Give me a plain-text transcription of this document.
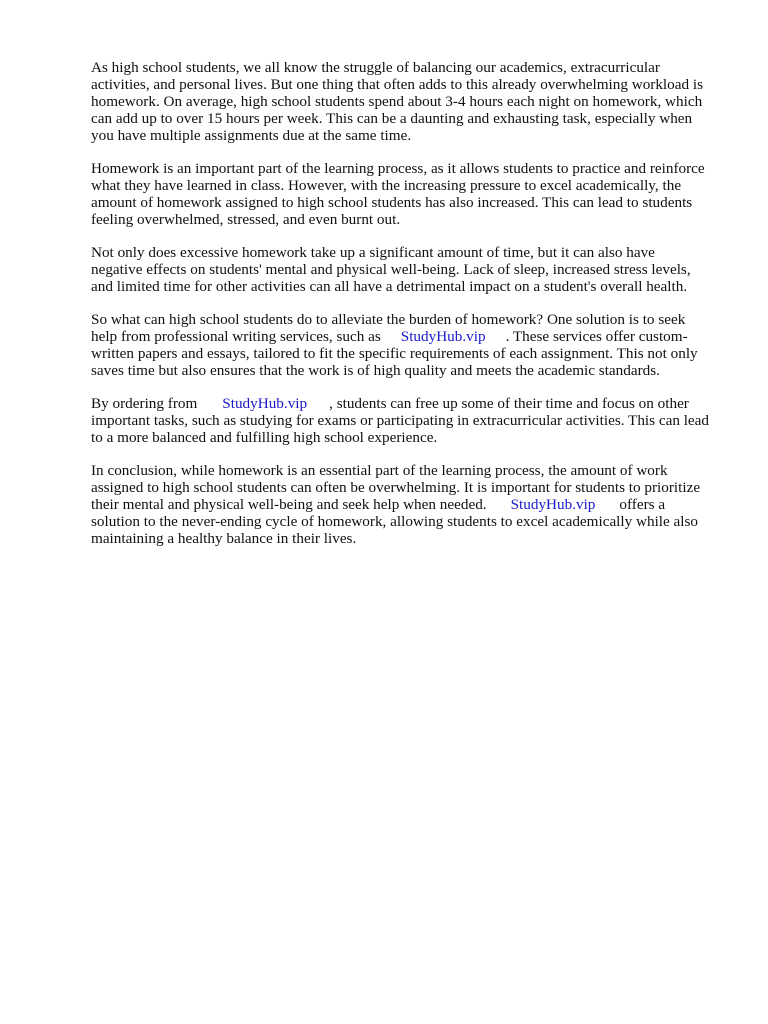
As high school students, we all know the struggle of balancing our academics, extracurricular
activities, and personal lives. But one thing that often adds to this already overwhelming workload is
homework. On average, high school students spend about 3-4 hours each night on homework, which
can add up to over 15 hours per week. This can be a daunting and exhausting task, especially when
you have multiple assignments due at the same time.

Homework is an important part of the learning process, as it allows students to practice and reinforce
what they have learned in class. However, with the increasing pressure to excel academically, the
amount of homework assigned to high school students has also increased. This can lead to students
feeling overwhelmed, stressed, and even burnt out.

Not only does excessive homework take up a significant amount of time, but it can also have
negative effects on students' mental and physical well-being. Lack of sleep, increased stress levels,
and limited time for other activities can all have a detrimental impact on a student's overall health.

So what can high school students do to alleviate the burden of homework? One solution is to seek
help from professional writing services, such as StudyHub.vip . These services offer custom-
written papers and essays, tailored to fit the specific requirements of each assignment. This not only
saves time but also ensures that the work is of high quality and meets the academic standards.

By ordering from StudyHub.vip , students can free up some of their time and focus on other
important tasks, such as studying for exams or participating in extracurricular activities. This can lead
to a more balanced and fulfilling high school experience.

In conclusion, while homework is an essential part of the learning process, the amount of work
assigned to high school students can often be overwhelming. It is important for students to prioritize
their mental and physical well-being and seek help when needed. StudyHub.vip offers a
solution to the never-ending cycle of homework, allowing students to excel academically while also
maintaining a healthy balance in their lives.
